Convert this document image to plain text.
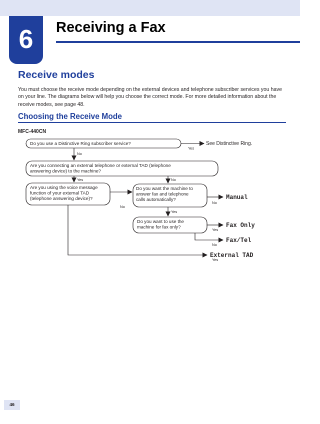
6	Receiving a Fax
Receive modes
You must choose the receive mode depending on the external devices and telephone subscriber services you have on your line. The diagrams below will help you choose the correct mode. For more detailed information about the receive modes, see page 48.
Choosing the Receive Mode
MFC-440CN
Do you use a Distinctive Ring subscriber service?
Yes
See Distinctive Ring.
No
Are you connecting an external telephone or external TAD (telephone
answering device) to the machine?
Yes	No
Are you using the voice message
function of your external TAD
(telephone answering device)?
No
Do you want the machine to
answer fax and telephone
calls automatically?
No
Yes
Do you want to use the
machine for fax only?
Yes
No
Yes
Manual
Fax Only
Fax/Tel
External TAD
46
